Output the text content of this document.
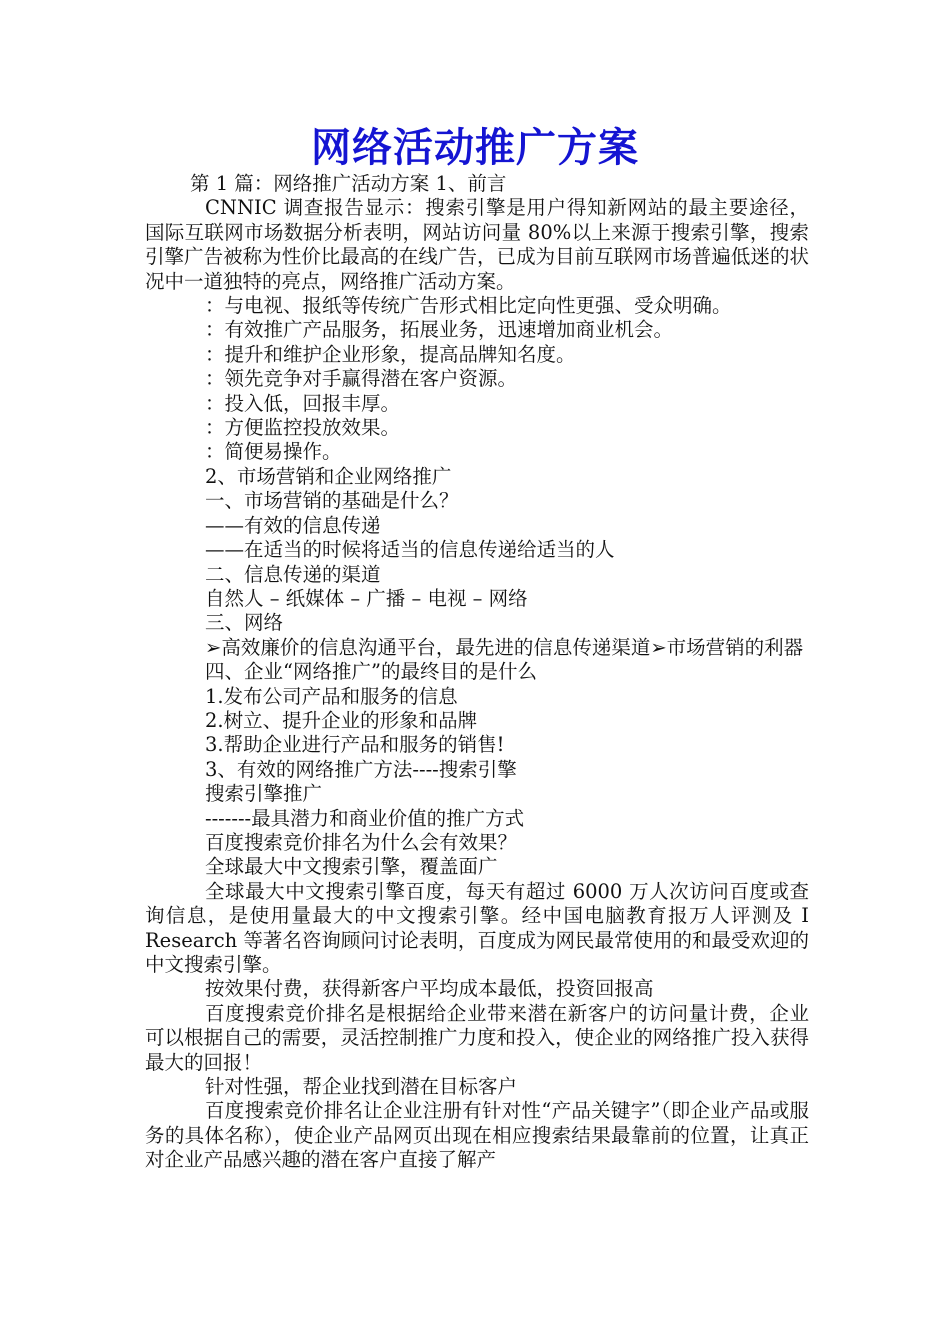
网络活动推广方案

第 1 篇：网络推广活动方案 1、前言

CNNIC 调查报告显示：搜索引擎是用户得知新网站的最主要途径，国际互联网市场数据分析表明，网站访问量 80%以上来源于搜索引擎，搜索引擎广告被称为性价比最高的在线广告，已成为目前互联网市场普遍低迷的状况中一道独特的亮点，网络推广活动方案。

：与电视、报纸等传统广告形式相比定向性更强、受众明确。

：有效推广产品服务，拓展业务，迅速增加商业机会。

：提升和维护企业形象，提高品牌知名度。

：领先竞争对手赢得潜在客户资源。

：投入低，回报丰厚。

：方便监控投放效果。

：简便易操作。

2、市场营销和企业网络推广

一、市场营销的基础是什么？

——有效的信息传递

——在适当的时候将适当的信息传递给适当的人

二、信息传递的渠道

自然人 – 纸媒体 – 广播 – 电视 – 网络

三、网络

➢高效廉价的信息沟通平台，最先进的信息传递渠道➢市场营销的利器

四、企业“网络推广”的最终目的是什么

1.发布公司产品和服务的信息

2.树立、提升企业的形象和品牌

3.帮助企业进行产品和服务的销售!

3、有效的网络推广方法----搜索引擎

搜索引擎推广

-------最具潜力和商业价值的推广方式

百度搜索竞价排名为什么会有效果？

全球最大中文搜索引擎，覆盖面广

全球最大中文搜索引擎百度，每天有超过 6000 万人次访问百度或查询信息，是使用量最大的中文搜索引擎。经中国电脑教育报万人评测及 I Research 等著名咨询顾问讨论表明，百度成为网民最常使用的和最受欢迎的中文搜索引擎。

按效果付费，获得新客户平均成本最低，投资回报高

百度搜索竞价排名是根据给企业带来潜在新客户的访问量计费，企业可以根据自己的需要，灵活控制推广力度和投入，使企业的网络推广投入获得最大的回报！

针对性强，帮企业找到潜在目标客户

百度搜索竞价排名让企业注册有针对性“产品关键字”（即企业产品或服务的具体名称），使企业产品网页出现在相应搜索结果最靠前的位置，让真正对企业产品感兴趣的潜在客户直接了解产
